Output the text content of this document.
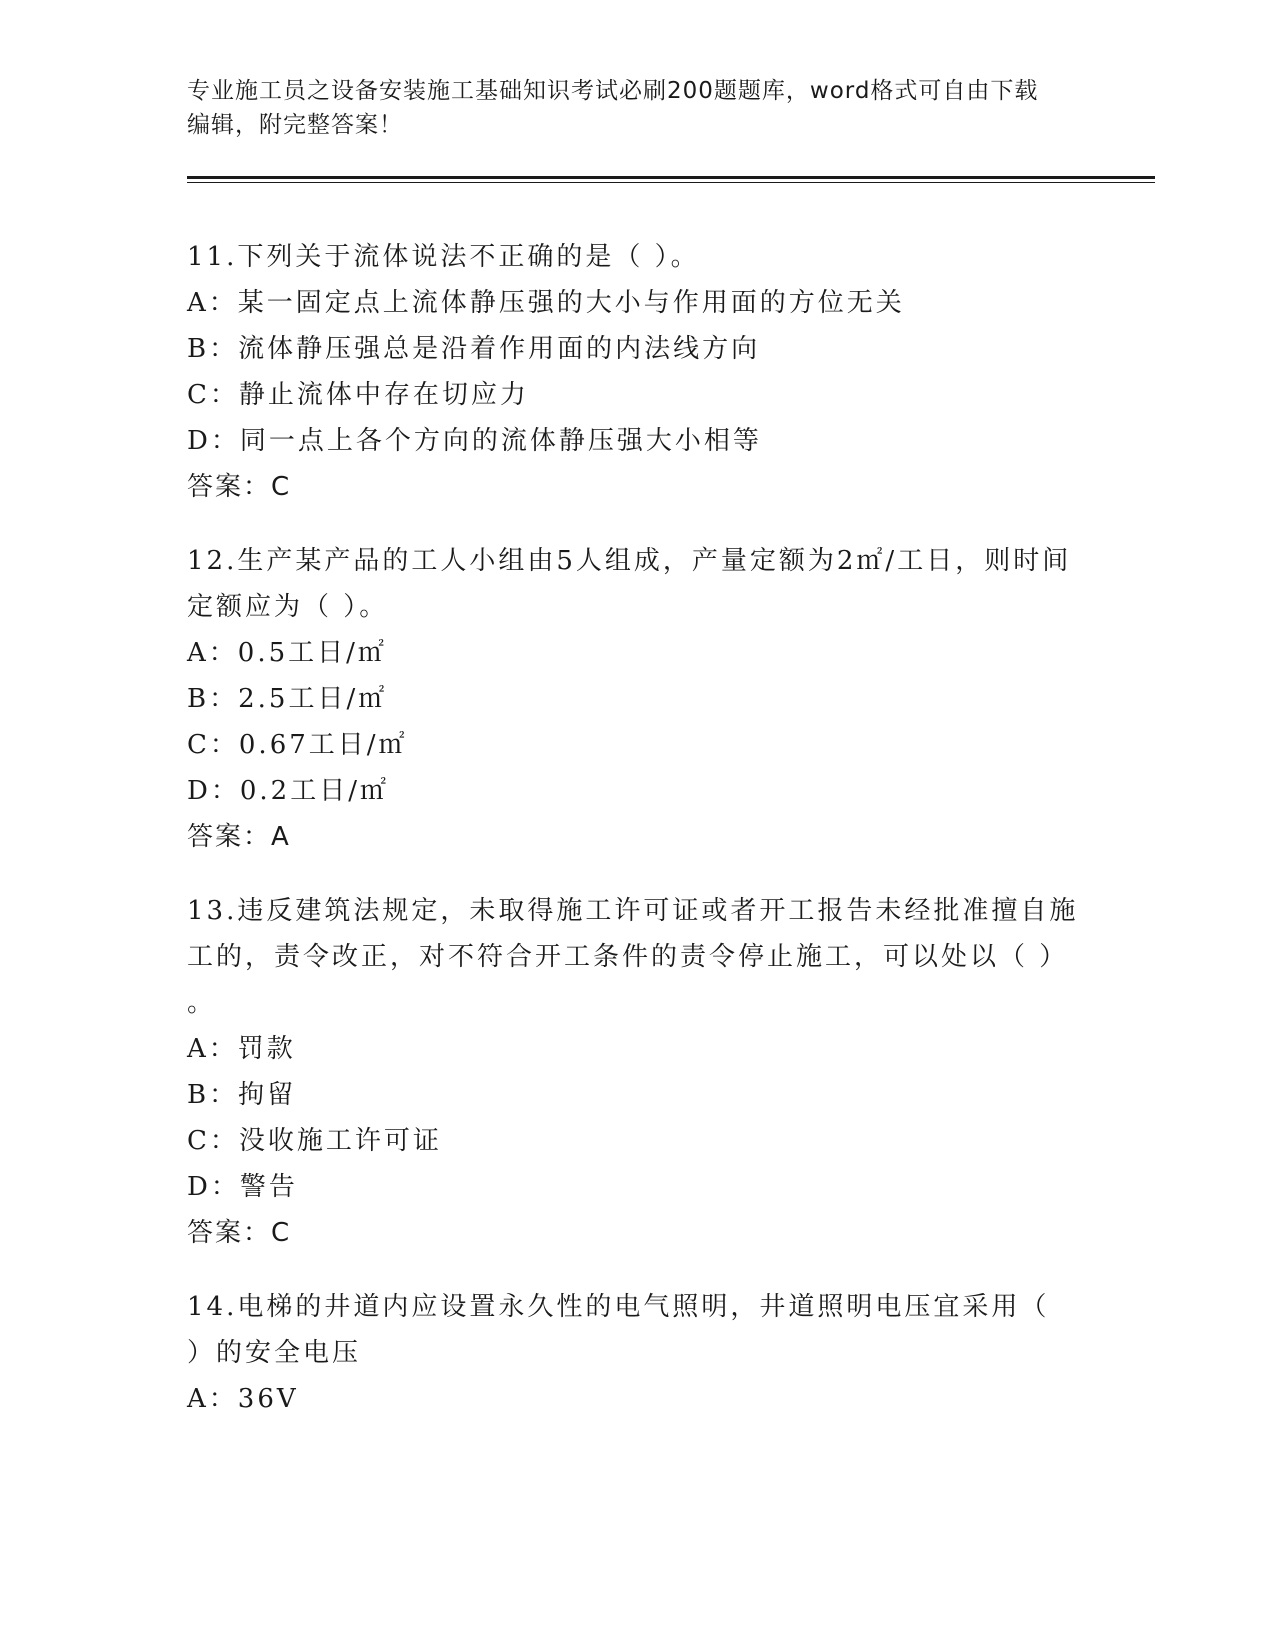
专业施工员之设备安装施工基础知识考试必刷200题题库，word格式可自由下载
编辑，附完整答案！
11.下列关于流体说法不正确的是（ ）。
A：某一固定点上流体静压强的大小与作用面的方位无关
B：流体静压强总是沿着作用面的内法线方向
C：静止流体中存在切应力
D：同一点上各个方向的流体静压强大小相等
答案：C
12.生产某产品的工人小组由5人组成，产量定额为2㎡/工日，则时间
定额应为（ ）。
A：0.5工日/㎡
B：2.5工日/㎡
C：0.67工日/㎡
D：0.2工日/㎡
答案：A
13.违反建筑法规定，未取得施工许可证或者开工报告未经批准擅自施
工的，责令改正，对不符合开工条件的责令停止施工，可以处以（ ）
。
A：罚款
B：拘留
C：没收施工许可证
D：警告
答案：C
14.电梯的井道内应设置永久性的电气照明，井道照明电压宜采用（
）的安全电压
A：36V
